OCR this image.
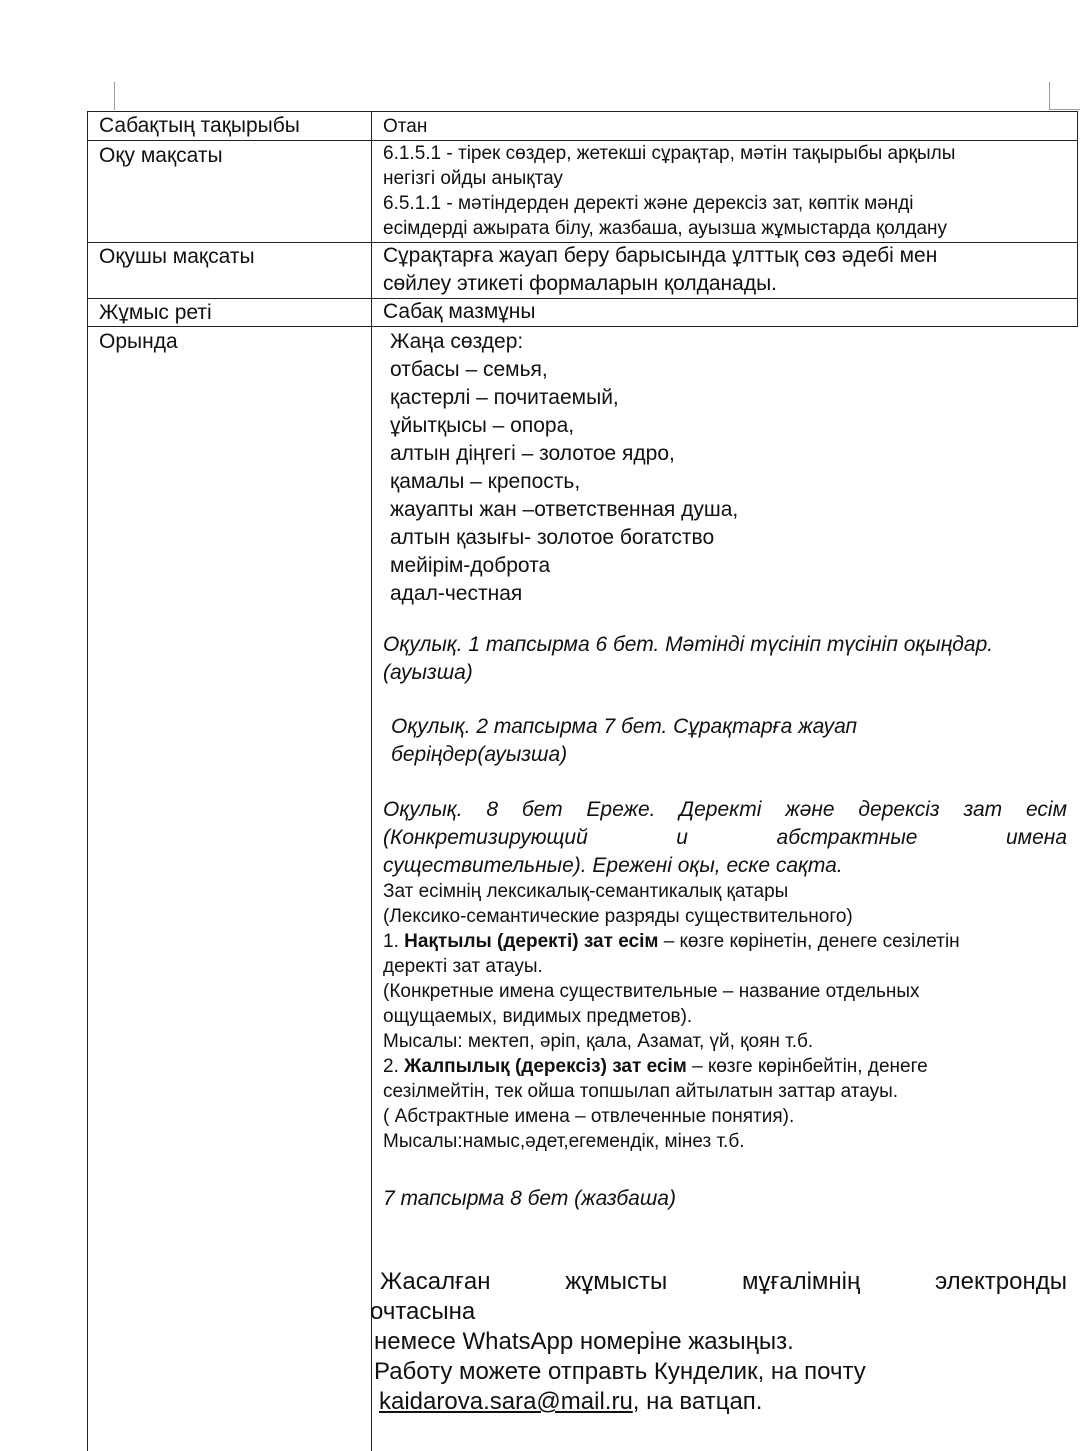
Сабақтың тақырыбы	Отан
Оқу мақсаты	6.1.5.1 - тірек сөздер, жетекші сұрақтар, мәтін тақырыбы арқылы

негізгі ойды анықтау

6.5.1.1 - мәтіндерден деректі және дерексіз зат, көптік мәнді

есімдерді ажырата білу, жазбаша, ауызша жұмыстарда қолдану

Оқушы мақсаты	Сұрақтарға жауап беру барысында ұлттық сөз әдебі мен

сөйлеу этикеті формаларын қолданады.

Жұмыс реті	Сабақ мазмұны
Орында	Жаңа сөздер:

отбасы – семья,

қастерлі – почитаемый,

ұйытқысы – опора,

алтын діңгегі – золотое ядро,

қамалы – крепость,

жауапты жан –ответственная душа,

алтын қазығы- золотое богатство

мейірім-доброта

адал-честная

Оқулық. 1 тапсырма 6 бет. Мәтінді түсініп түсініп оқыңдар.

(ауызша)

Оқулық. 2 тапсырма 7 бет. Сұрақтарға жауап

беріңдер(ауызша)

Оқулық. 8 бет Ереже. Деректі және дерексіз зат есім

(Конкретизирующий и абстрактные имена

существительные). Ережені оқы, еске сақта.

Зат есімнің лексикалық-семантикалық қатары

(Лексико-семантические разряды существительного)

1. Нақтылы (деректі) зат есім – көзге көрінетін, денеге сезілетін

деректі зат атауы.

(Конкретные имена существительные – название отдельных

ощущаемых, видимых предметов).

Мысалы: мектеп, әріп, қала, Азамат, үй, қоян т.б.

2. Жалпылық (дерексіз) зат есім – көзге көрінбейтін, денеге

сезілмейтін, тек ойша топшылап айтылатын заттар атауы.

( Абстрактные имена – отвлеченные понятия).

Мысалы:намыс,әдет,егемендік, мінез т.б.

7 тапсырма 8 бет (жазбаша)

Жасалған жұмысты мұғалімнің электронды

очтасына

немесе WhatsApp номеріне жазыңыз.

Работу можете отправть Кунделик, на почту

kaidarova.sara@mail.ru, на ватцап.
